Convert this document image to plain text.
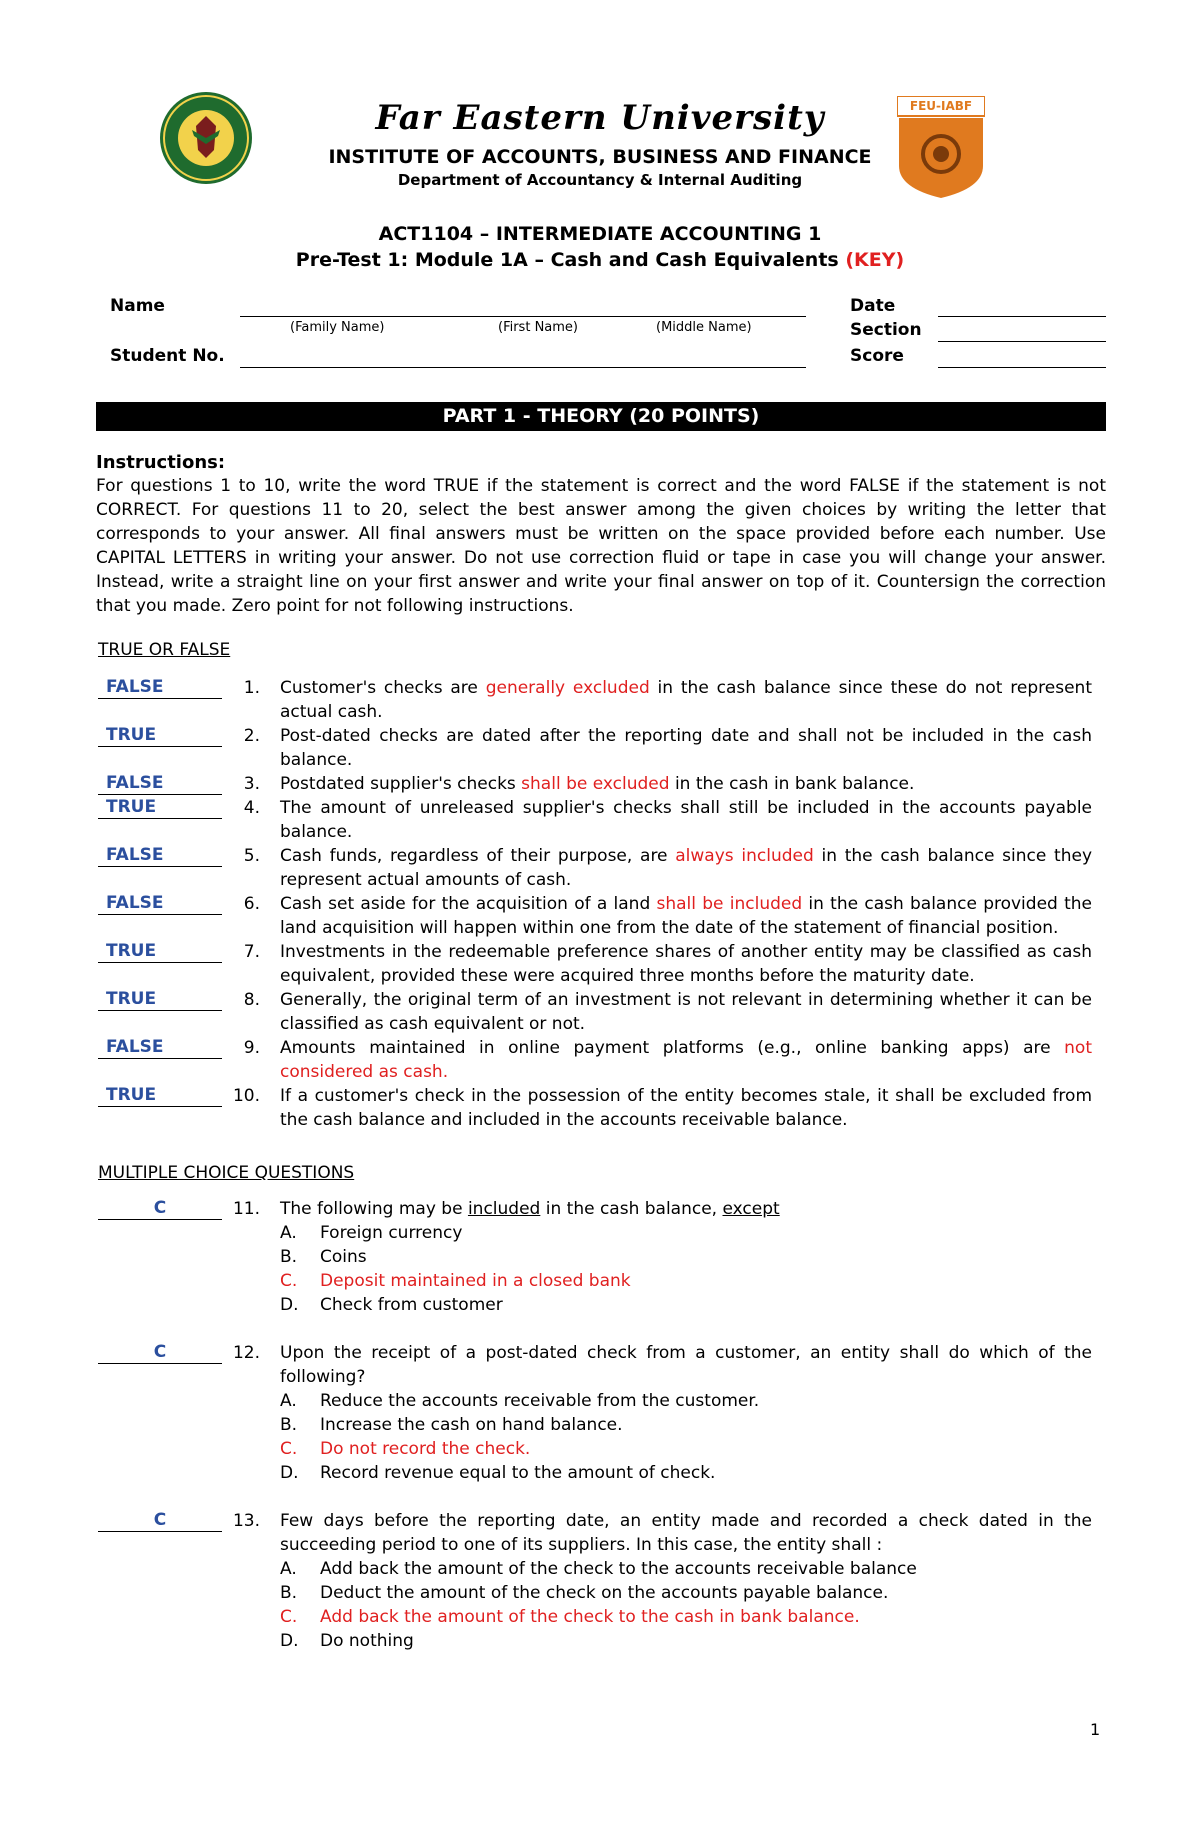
FEU-IABF
Far Eastern University
INSTITUTE OF ACCOUNTS, BUSINESS AND FINANCE
Department of Accountancy & Internal Auditing
ACT1104 – INTERMEDIATE ACCOUNTING 1
Pre-Test 1: Module 1A – Cash and Cash Equivalents (KEY)
Name
(Family Name)	(First Name)	(Middle Name)
Student No.
Date
Section
Score
PART 1 - THEORY (20 POINTS)
Instructions:
For questions 1 to 10, write the word TRUE if the statement is correct and the word FALSE if the statement is not CORRECT. For questions 11 to 20, select the best answer among the given choices by writing the letter that corresponds to your answer. All final answers must be written on the space provided before each number. Use CAPITAL LETTERS in writing your answer. Do not use correction fluid or tape in case you will change your answer. Instead, write a straight line on your first answer and write your final answer on top of it. Countersign the correction that you made. Zero point for not following instructions.
TRUE OR FALSE
FALSE	1. Customer's checks are generally excluded in the cash balance since these do not represent actual cash.
TRUE	2. Post-dated checks are dated after the reporting date and shall not be included in the cash balance.
FALSE	3. Postdated supplier's checks shall be excluded in the cash in bank balance.
TRUE	4. The amount of unreleased supplier's checks shall still be included in the accounts payable balance.
FALSE	5. Cash funds, regardless of their purpose, are always included in the cash balance since they represent actual amounts of cash.
FALSE	6. Cash set aside for the acquisition of a land shall be included in the cash balance provided the land acquisition will happen within one from the date of the statement of financial position.
TRUE	7. Investments in the redeemable preference shares of another entity may be classified as cash equivalent, provided these were acquired three months before the maturity date.
TRUE	8. Generally, the original term of an investment is not relevant in determining whether it can be classified as cash equivalent or not.
FALSE	9. Amounts maintained in online payment platforms (e.g., online banking apps) are not considered as cash.
TRUE	10. If a customer's check in the possession of the entity becomes stale, it shall be excluded from the cash balance and included in the accounts receivable balance.
MULTIPLE CHOICE QUESTIONS
C	11. The following may be included in the cash balance, except
A. Foreign currency
B. Coins
C. Deposit maintained in a closed bank
D. Check from customer
C	12. Upon the receipt of a post-dated check from a customer, an entity shall do which of the following?
A. Reduce the accounts receivable from the customer.
B. Increase the cash on hand balance.
C. Do not record the check.
D. Record revenue equal to the amount of check.
C	13. Few days before the reporting date, an entity made and recorded a check dated in the succeeding period to one of its suppliers. In this case, the entity shall :
A. Add back the amount of the check to the accounts receivable balance
B. Deduct the amount of the check on the accounts payable balance.
C. Add back the amount of the check to the cash in bank balance.
D. Do nothing
1
